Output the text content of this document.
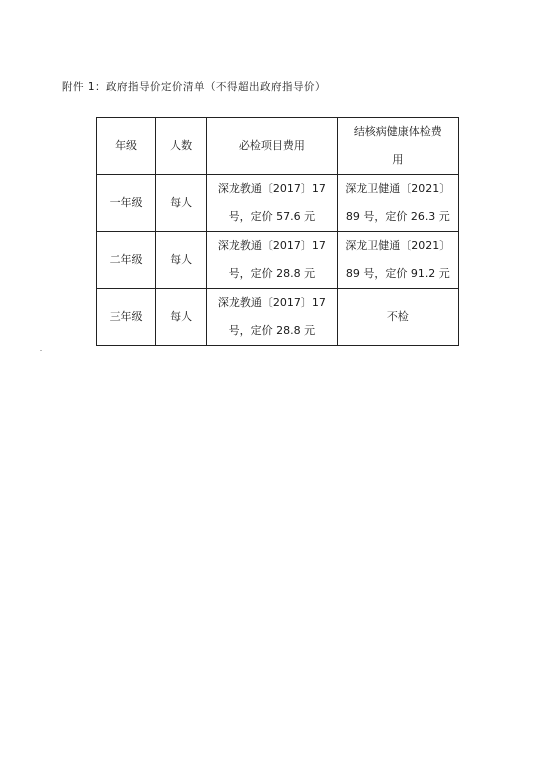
附件 1：政府指导价定价清单（不得超出政府指导价）
年级	人数	必检项目费用	结核病健康体检费
用

一年级	每人	深龙教通〔2017〕17
号，定价 57.6 元	深龙卫健通〔2021〕
89 号，定价 26.3 元

二年级	每人	深龙教通〔2017〕17
号，定价 28.8 元	深龙卫健通〔2021〕
89 号，定价 91.2 元

三年级	每人	深龙教通〔2017〕17
号，定价 28.8 元	不检
